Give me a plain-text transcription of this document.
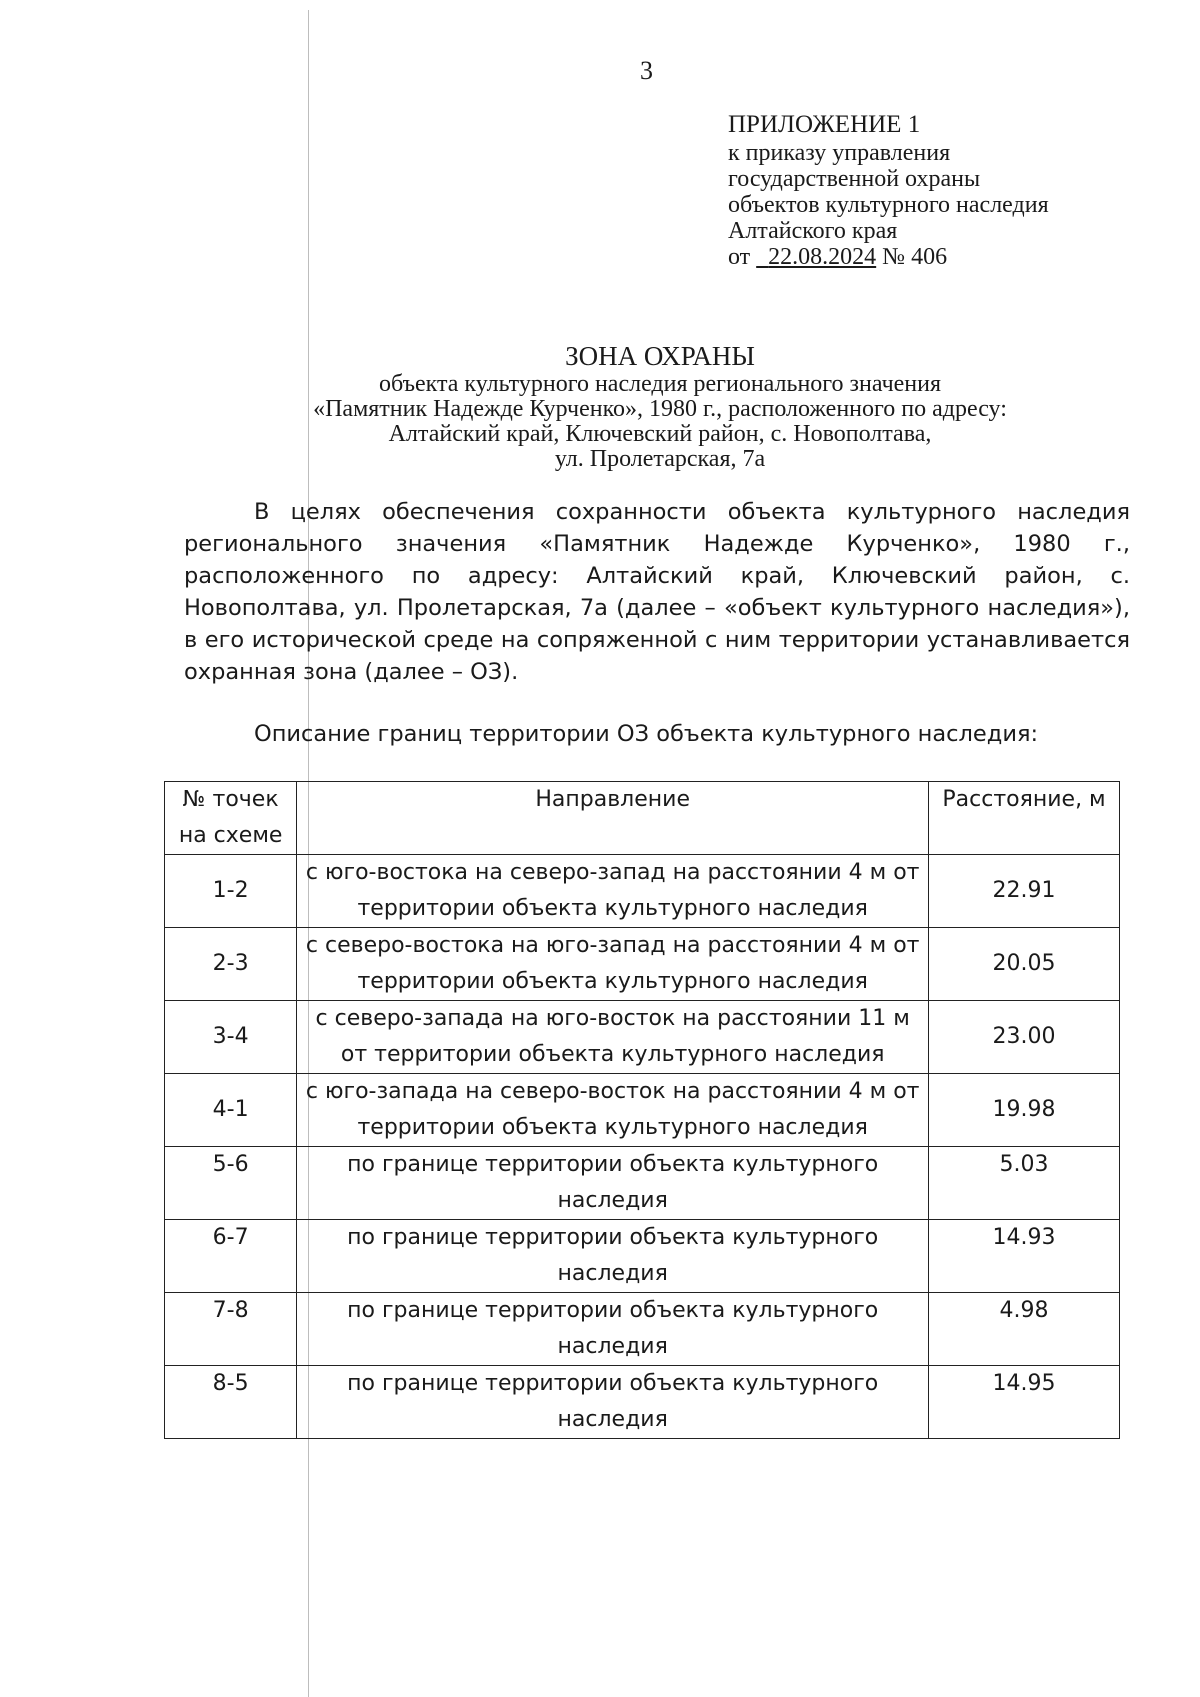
3
ПРИЛОЖЕНИЕ 1
к приказу управления
государственной охраны
объектов культурного наследия
Алтайского края
от 22.08.2024 № 406
ЗОНА ОХРАНЫ
объекта культурного наследия регионального значения
«Памятник Надежде Курченко», 1980 г., расположенного по адресу:
Алтайский край, Ключевский район, с. Новополтава,
ул. Пролетарская, 7а

В целях обеспечения сохранности объекта культурного наследия регионального значения «Памятник Надежде Курченко», 1980 г., расположенного по адресу: Алтайский край, Ключевский район, с. Новополтава, ул. Пролетарская, 7а (далее – «объект культурного наследия»), в его исторической среде на сопряженной с ним территории устанавливается охранная зона (далее – ОЗ).

Описание границ территории ОЗ объекта культурного наследия:
№ точек на схеме	Направление	Расстояние, м
1-2	с юго-востока на северо-запад на расстоянии 4 м от территории объекта культурного наследия	22.91
2-3	с северо-востока на юго-запад на расстоянии 4 м от территории объекта культурного наследия	20.05
3-4	с северо-запада на юго-восток на расстоянии 11 м от территории объекта культурного наследия	23.00
4-1	с юго-запада на северо-восток на расстоянии 4 м от территории объекта культурного наследия	19.98
5-6	по границе территории объекта культурного наследия	5.03
6-7	по границе территории объекта культурного наследия	14.93
7-8	по границе территории объекта культурного наследия	4.98
8-5	по границе территории объекта культурного наследия	14.95
